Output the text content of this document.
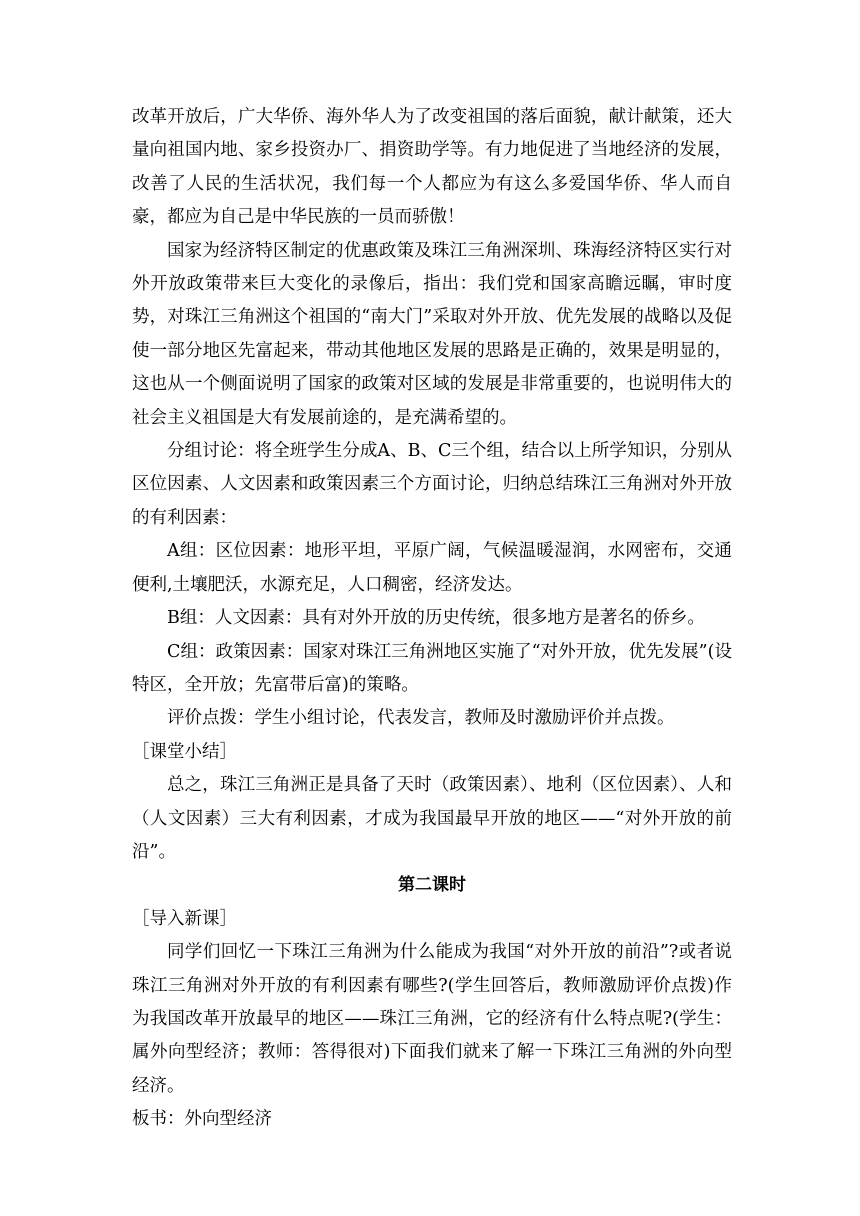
改革开放后，广大华侨、海外华人为了改变祖国的落后面貌，献计献策，还大量向祖国内地、家乡投资办厂、捐资助学等。有力地促进了当地经济的发展，改善了人民的生活状况，我们每一个人都应为有这么多爱国华侨、华人而自豪，都应为自己是中华民族的一员而骄傲！

国家为经济特区制定的优惠政策及珠江三角洲深圳、珠海经济特区实行对外开放政策带来巨大变化的录像后，指出：我们党和国家高瞻远瞩，审时度势，对珠江三角洲这个祖国的“南大门”采取对外开放、优先发展的战略以及促使一部分地区先富起来，带动其他地区发展的思路是正确的，效果是明显的，这也从一个侧面说明了国家的政策对区域的发展是非常重要的，也说明伟大的社会主义祖国是大有发展前途的，是充满希望的。

分组讨论：将全班学生分成A、B、C三个组，结合以上所学知识，分别从区位因素、人文因素和政策因素三个方面讨论，归纳总结珠江三角洲对外开放的有利因素：

A组：区位因素：地形平坦，平原广阔，气候温暖湿润，水网密布，交通便利,土壤肥沃，水源充足，人口稠密，经济发达。

B组：人文因素：具有对外开放的历史传统，很多地方是著名的侨乡。

C组：政策因素：国家对珠江三角洲地区实施了“对外开放，优先发展”(设特区，全开放；先富带后富)的策略。

评价点拨：学生小组讨论，代表发言，教师及时激励评价并点拨。

［课堂小结］

总之，珠江三角洲正是具备了天时（政策因素）、地利（区位因素）、人和（人文因素）三大有利因素，才成为我国最早开放的地区——“对外开放的前沿”。

第二课时

［导入新课］

同学们回忆一下珠江三角洲为什么能成为我国“对外开放的前沿”?或者说珠江三角洲对外开放的有利因素有哪些?(学生回答后，教师激励评价点拨)作为我国改革开放最早的地区——珠江三角洲，它的经济有什么特点呢?(学生：属外向型经济；教师：答得很对)下面我们就来了解一下珠江三角洲的外向型经济。

板书：外向型经济
